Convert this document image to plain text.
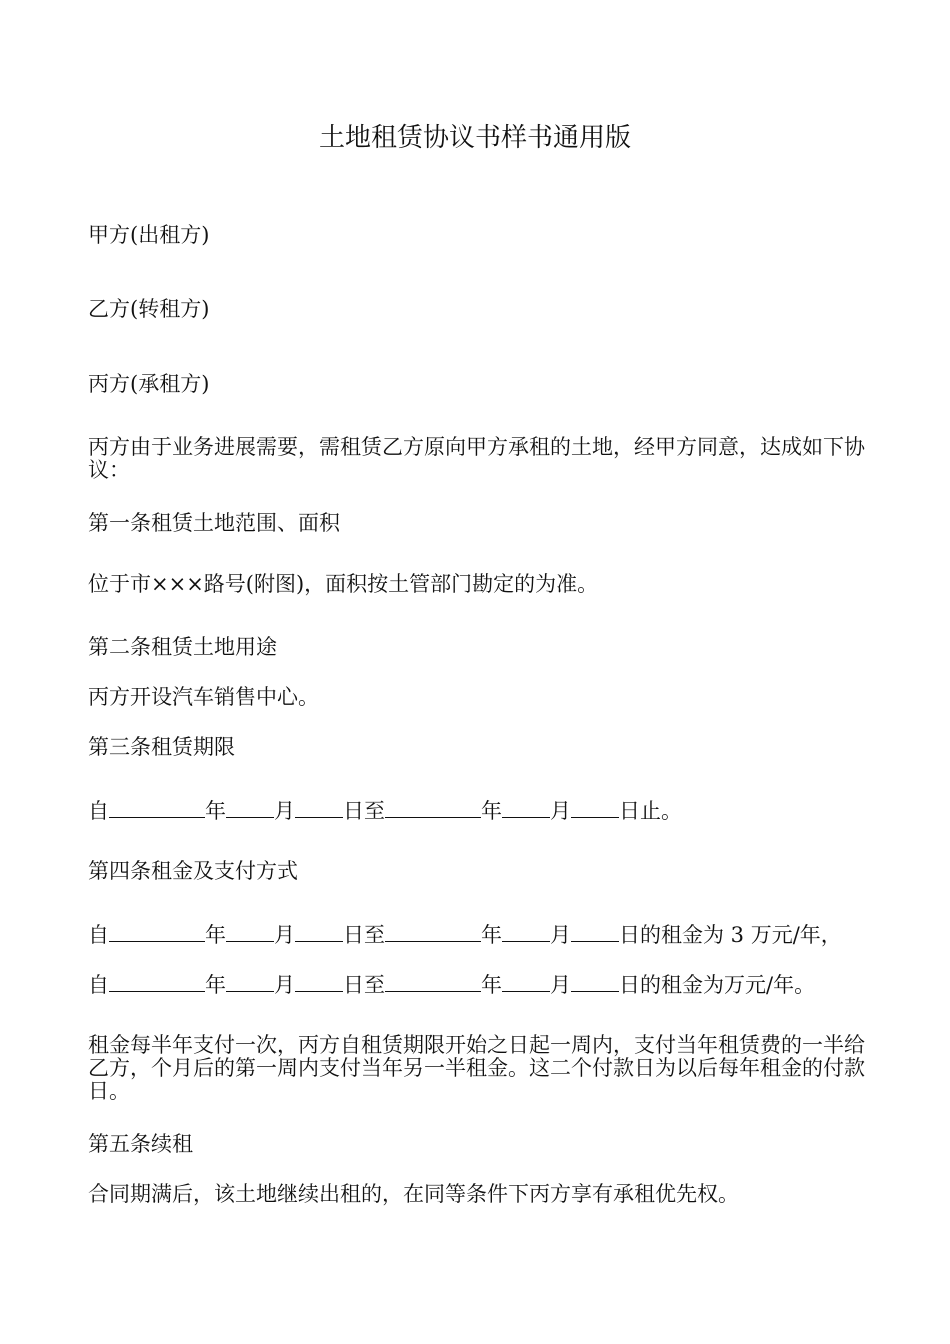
土地租赁协议书样书通用版

甲方(出租方)

乙方(转租方)

丙方(承租方)

丙方由于业务进展需要，需租赁乙方原向甲方承租的土地，经甲方同意，达成如下协议：

第一条租赁土地范围、面积

位于市×××路号(附图)，面积按土管部门勘定的为准。

第二条租赁土地用途

丙方开设汽车销售中心。

第三条租赁期限

自	年 月 日至	年 月 日止。

第四条租金及支付方式

自	年 月 日至	年 月 日的租金为 3 万元/年，

自	年 月 日至	年 月 日的租金为万元/年。

租金每半年支付一次，丙方自租赁期限开始之日起一周内，支付当年租赁费的一半给乙方，个月后的第一周内支付当年另一半租金。这二个付款日为以后每年租金的付款日。

第五条续租

合同期满后，该土地继续出租的，在同等条件下丙方享有承租优先权。
